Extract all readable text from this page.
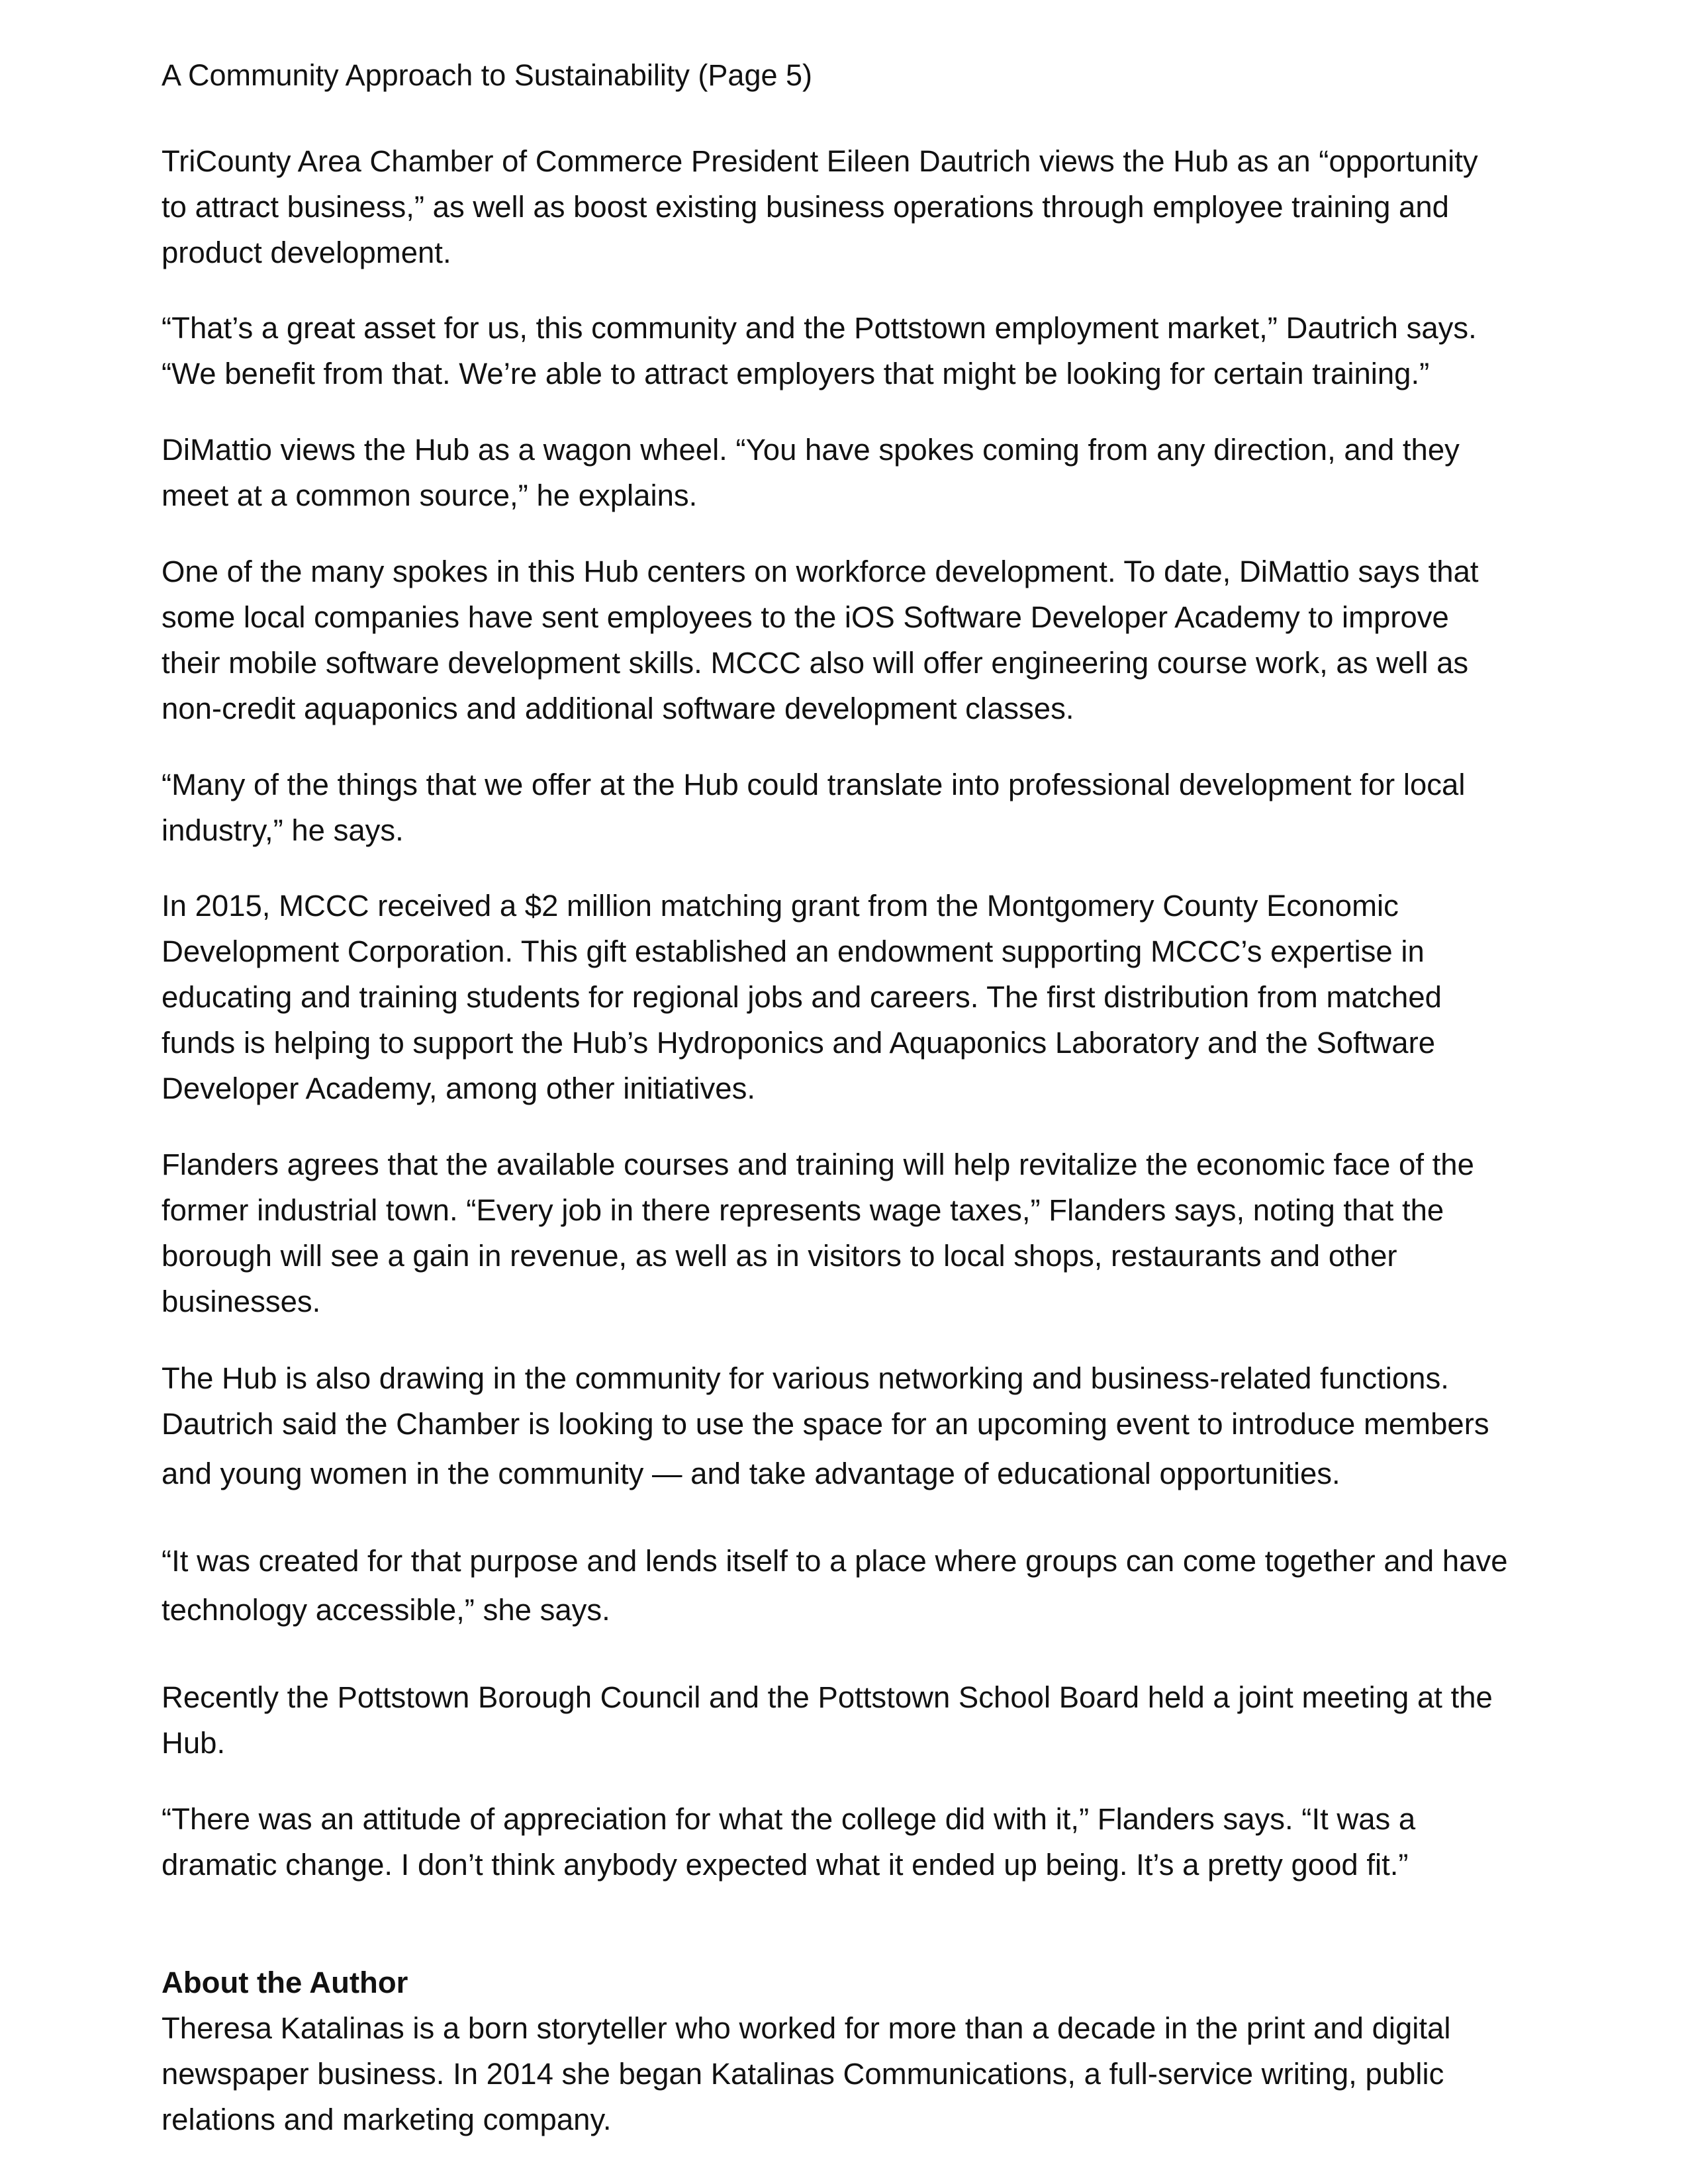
A Community Approach to Sustainability (Page 5)

TriCounty Area Chamber of Commerce President Eileen Dautrich views the Hub as an “opportunity
to attract business,” as well as boost existing business operations through employee training and
product development.

“That’s a great asset for us, this community and the Pottstown employment market,” Dautrich says.
“We benefit from that. We’re able to attract employers that might be looking for certain training.”

DiMattio views the Hub as a wagon wheel. “You have spokes coming from any direction, and they
meet at a common source,” he explains.

One of the many spokes in this Hub centers on workforce development. To date, DiMattio says that
some local companies have sent employees to the iOS Software Developer Academy to improve
their mobile software development skills. MCCC also will offer engineering course work, as well as
non-credit aquaponics and additional software development classes.

“Many of the things that we offer at the Hub could translate into professional development for local
industry,” he says.

In 2015, MCCC received a $2 million matching grant from the Montgomery County Economic
Development Corporation. This gift established an endowment supporting MCCC’s expertise in
educating and training students for regional jobs and careers. The first distribution from matched
funds is helping to support the Hub’s Hydroponics and Aquaponics Laboratory and the Software
Developer Academy, among other initiatives.

Flanders agrees that the available courses and training will help revitalize the economic face of the
former industrial town. “Every job in there represents wage taxes,” Flanders says, noting that the
borough will see a gain in revenue, as well as in visitors to local shops, restaurants and other
businesses.

The Hub is also drawing in the community for various networking and business-related functions.
Dautrich said the Chamber is looking to use the space for an upcoming event to introduce members
and young women in the community — and take advantage of educational opportunities.

“It was created for that purpose and lends itself to a place where groups can come together and have
technology accessible,” she says.

Recently the Pottstown Borough Council and the Pottstown School Board held a joint meeting at the
Hub.

“There was an attitude of appreciation for what the college did with it,” Flanders says. “It was a
dramatic change. I don’t think anybody expected what it ended up being. It’s a pretty good fit.”

About the Author
Theresa Katalinas is a born storyteller who worked for more than a decade in the print and digital
newspaper business. In 2014 she began Katalinas Communications, a full-service writing, public
relations and marketing company.
